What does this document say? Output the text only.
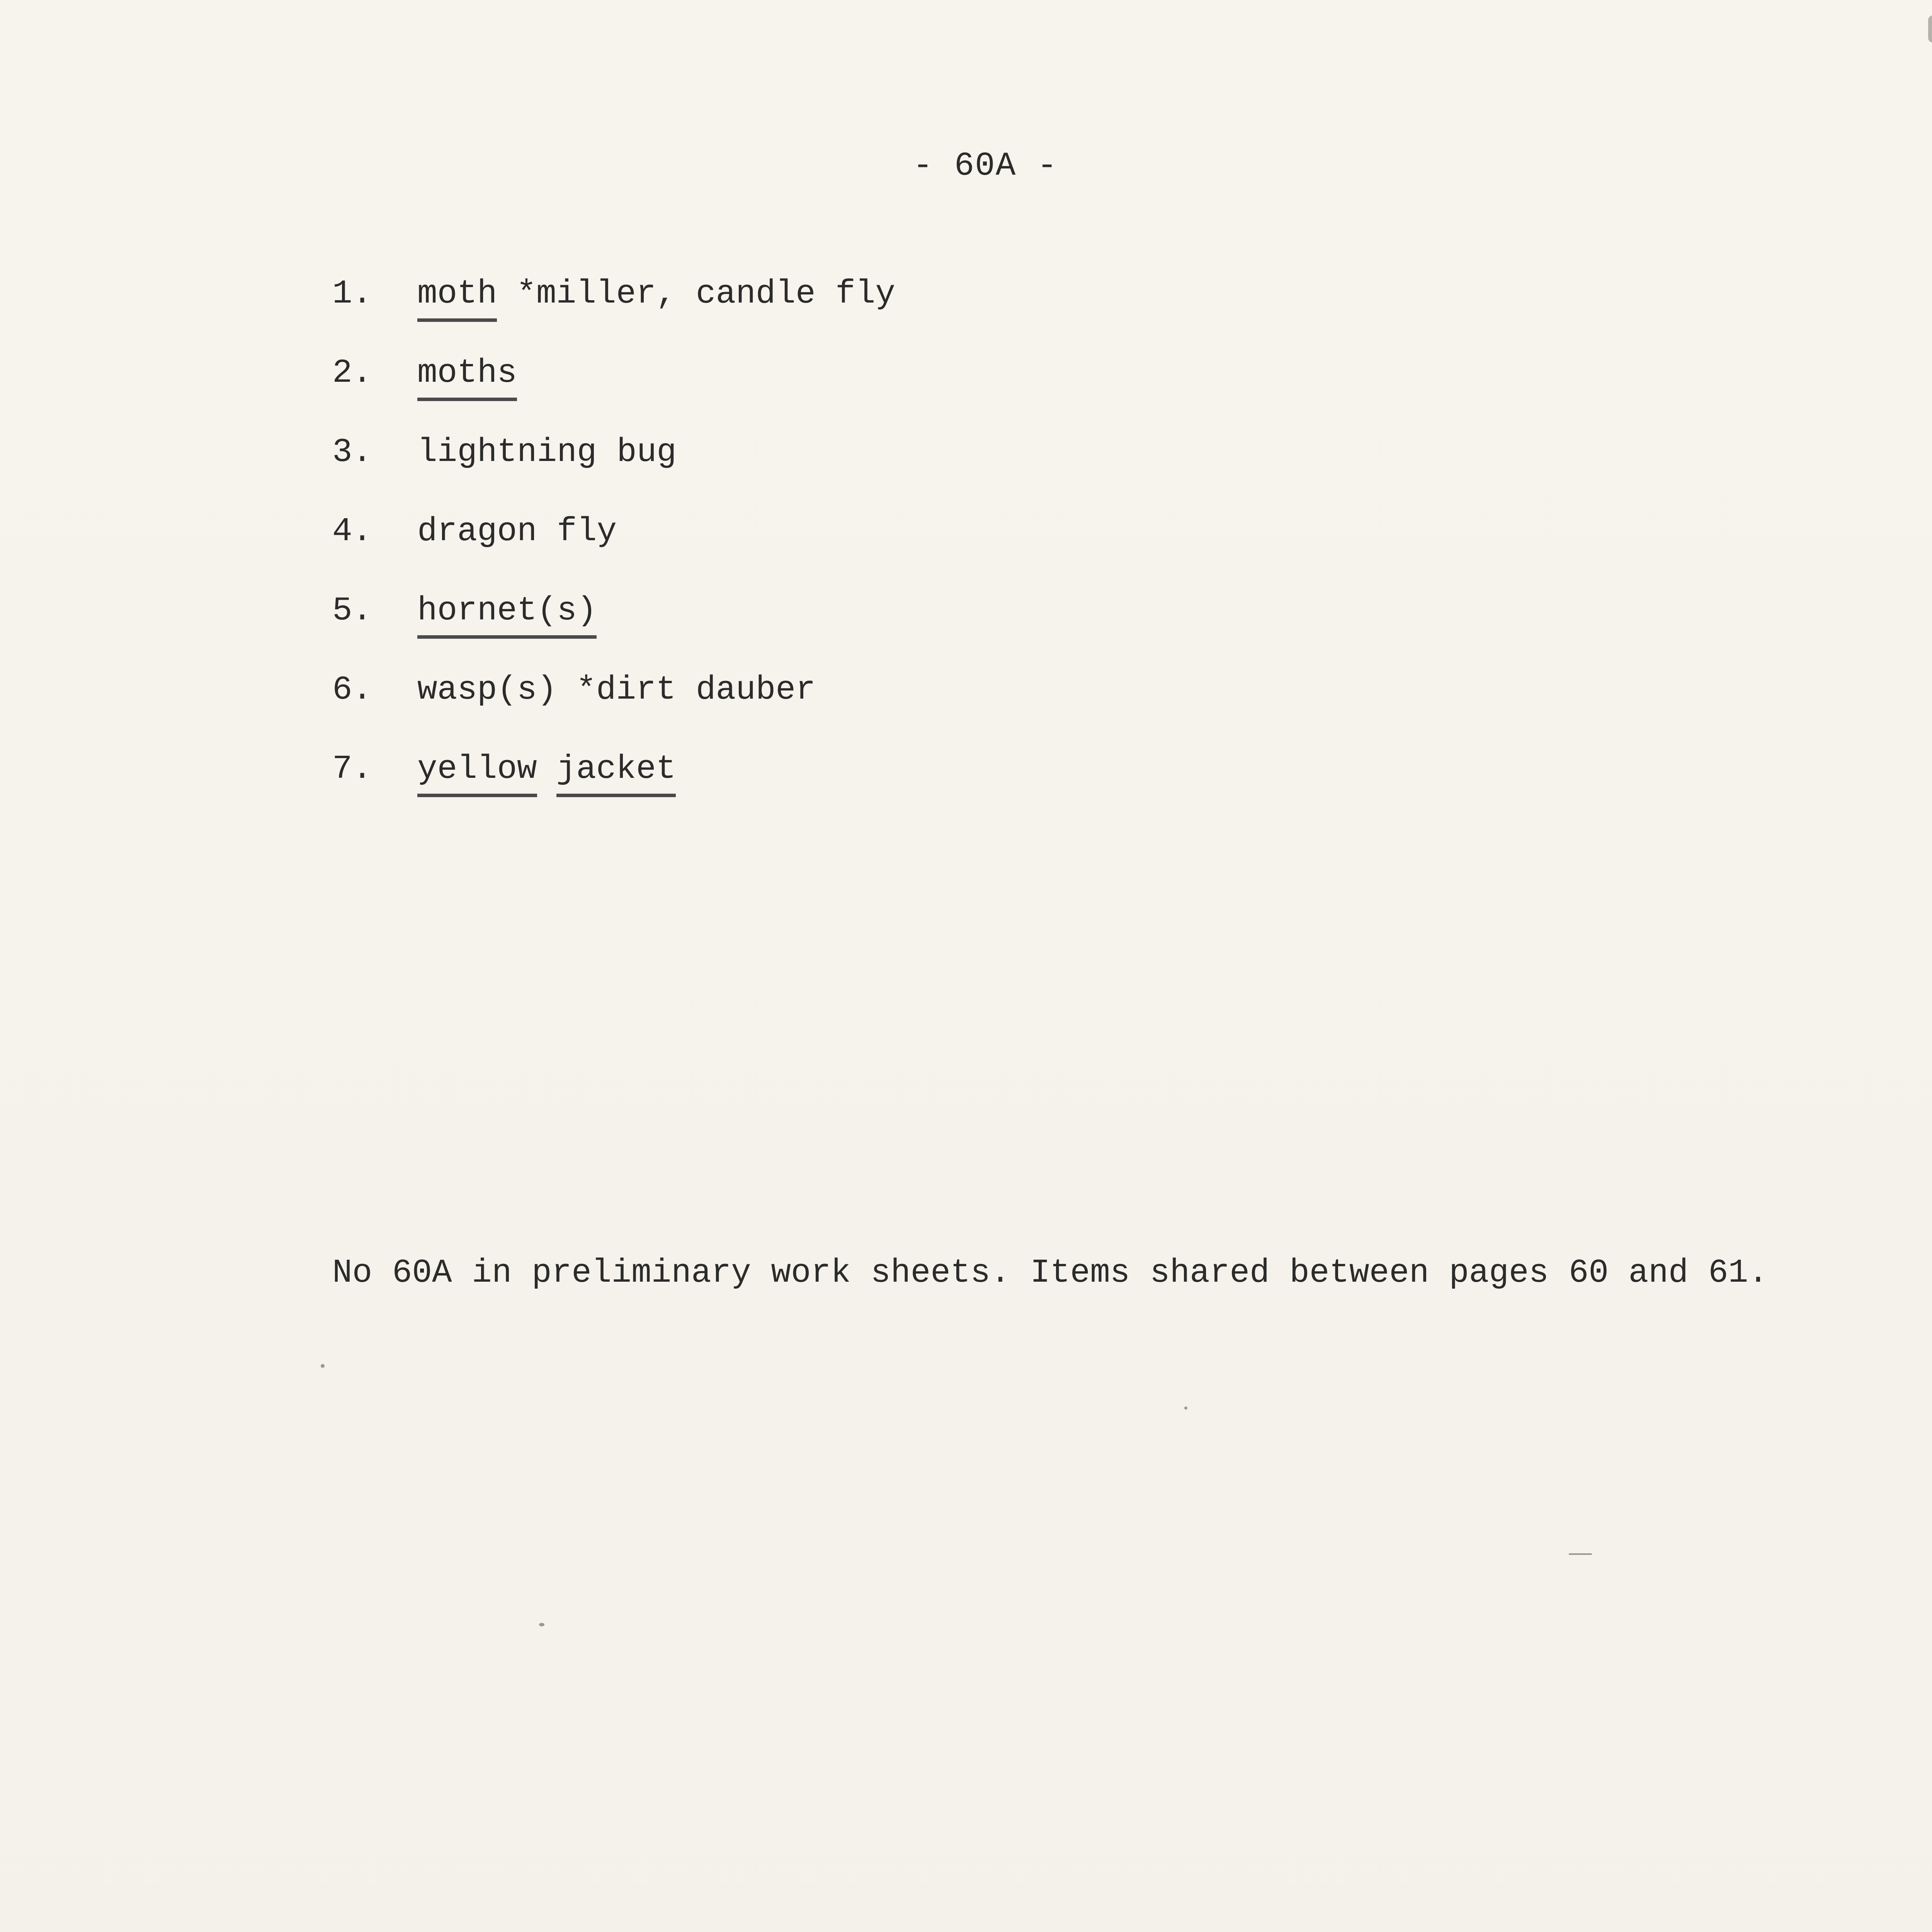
- 60A -
1. moth *miller, candle fly
2. moths
3. lightning bug
4. dragon fly
5. hornet(s)
6. wasp(s) *dirt dauber
7. yellow jacket
No 60A in preliminary work sheets. Items shared between pages 60 and 61.
